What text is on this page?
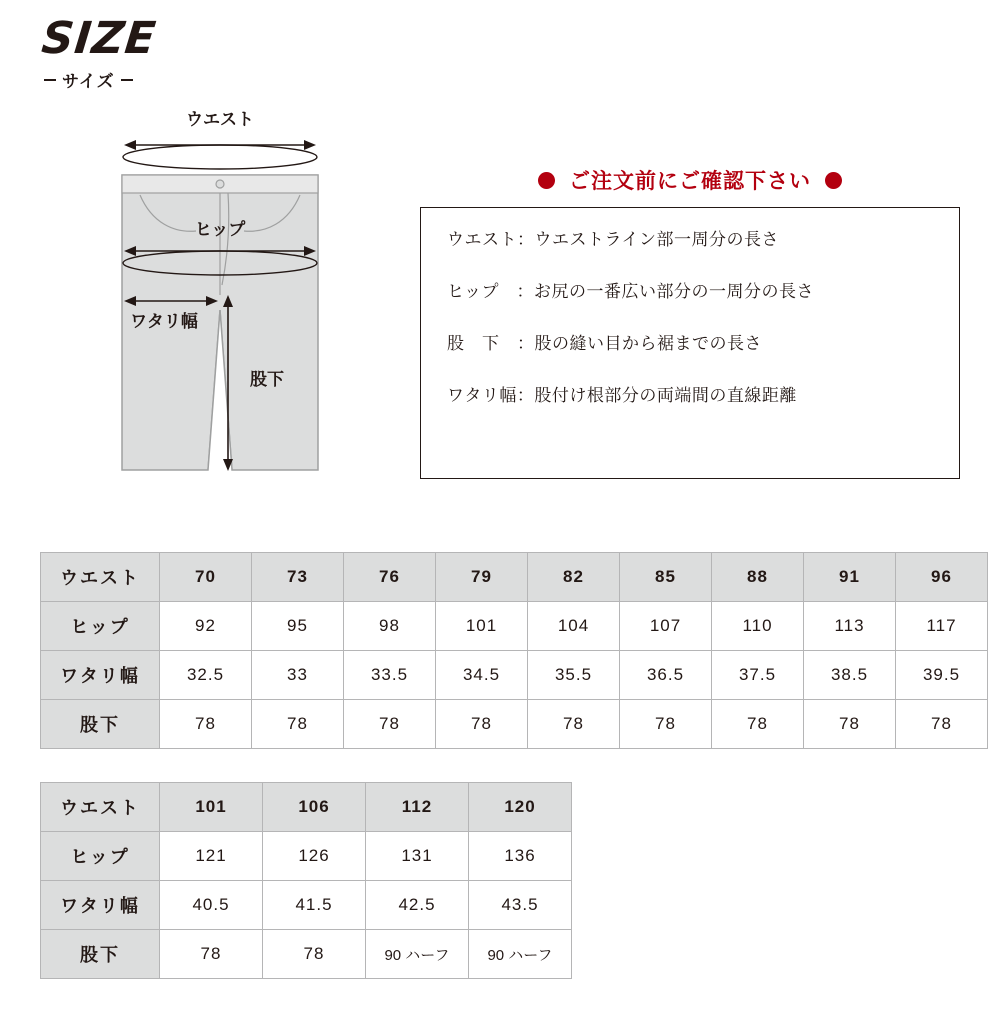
SIZE
サイズ
ウエスト
ヒップ
ワタリ幅
股下
ご注文前にご確認下さい

ウエスト：ウエストライン部一周分の長さ

ヒップ　：お尻の一番広い部分の一周分の長さ

股　下　：股の縫い目から裾までの長さ

ワタリ幅：股付け根部分の両端間の直線距離

ウエスト	70	73	76	79	82	85	88	91	96
ヒップ	92	95	98	101	104	107	110	113	117
ワタリ幅	32.5	33	33.5	34.5	35.5	36.5	37.5	38.5	39.5
股下	78	78	78	78	78	78	78	78	78
ウエスト	101	106	112	120
ヒップ	121	126	131	136
ワタリ幅	40.5	41.5	42.5	43.5
股下	78	78	90 ハーフ	90 ハーフ
